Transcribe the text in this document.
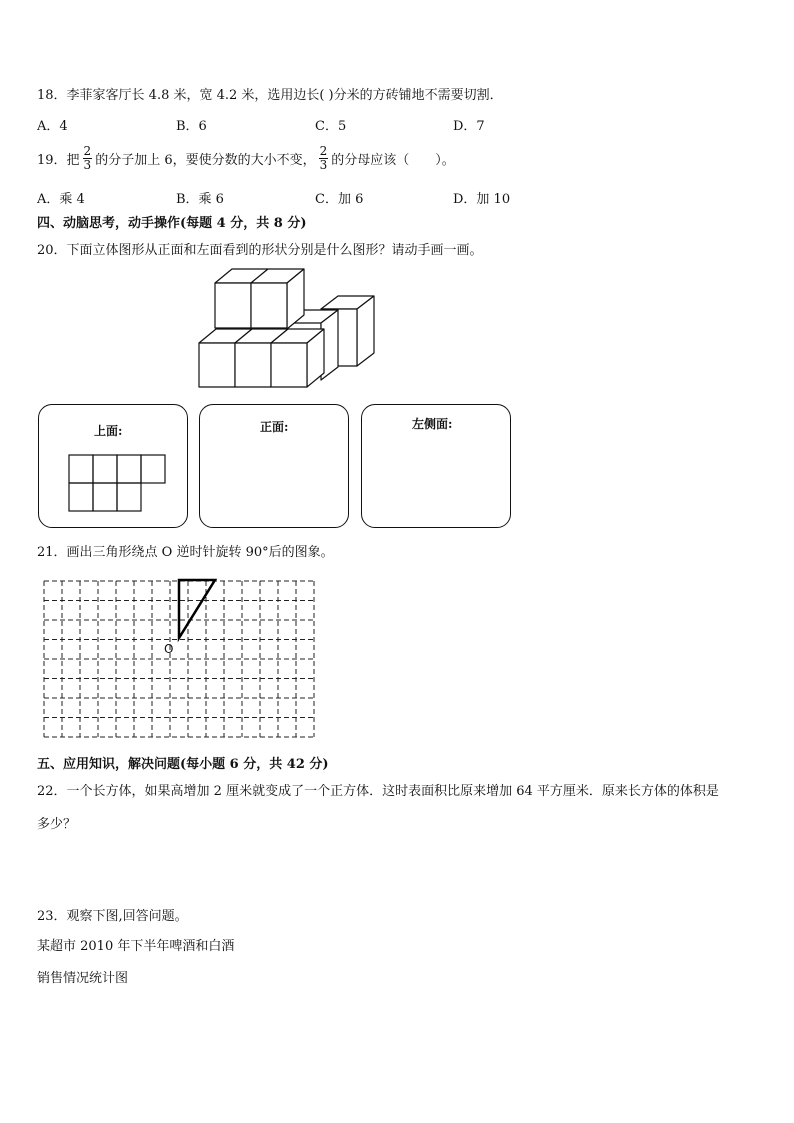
18．李菲家客厅长 4.8 米，宽 4.2 米，选用边长( )分米的方砖铺地不需要切割．
A．4	B．6	C．5	D．7
19．把 $\frac{2}{3}$ 的分子加上 6，要使分数的大小不变， $\frac{2}{3}$ 的分母应该（　　）。
A．乘 4	B．乘 6	C．加 6	D．加 10
四、动脑思考，动手操作(每题 4 分，共 8 分)
20．下面立体图形从正面和左面看到的形状分别是什么图形？请动手画一画。
上面:	正面:	左侧面:
21．画出三角形绕点 O 逆时针旋转 90°后的图象。
O
五、应用知识，解决问题(每小题 6 分，共 42 分)
22．一个长方体，如果高增加 2 厘米就变成了一个正方体．这时表面积比原来增加 64 平方厘米．原来长方体的体积是
多少？
23．观察下图,回答问题。
某超市 2010 年下半年啤酒和白酒
销售情况统计图
